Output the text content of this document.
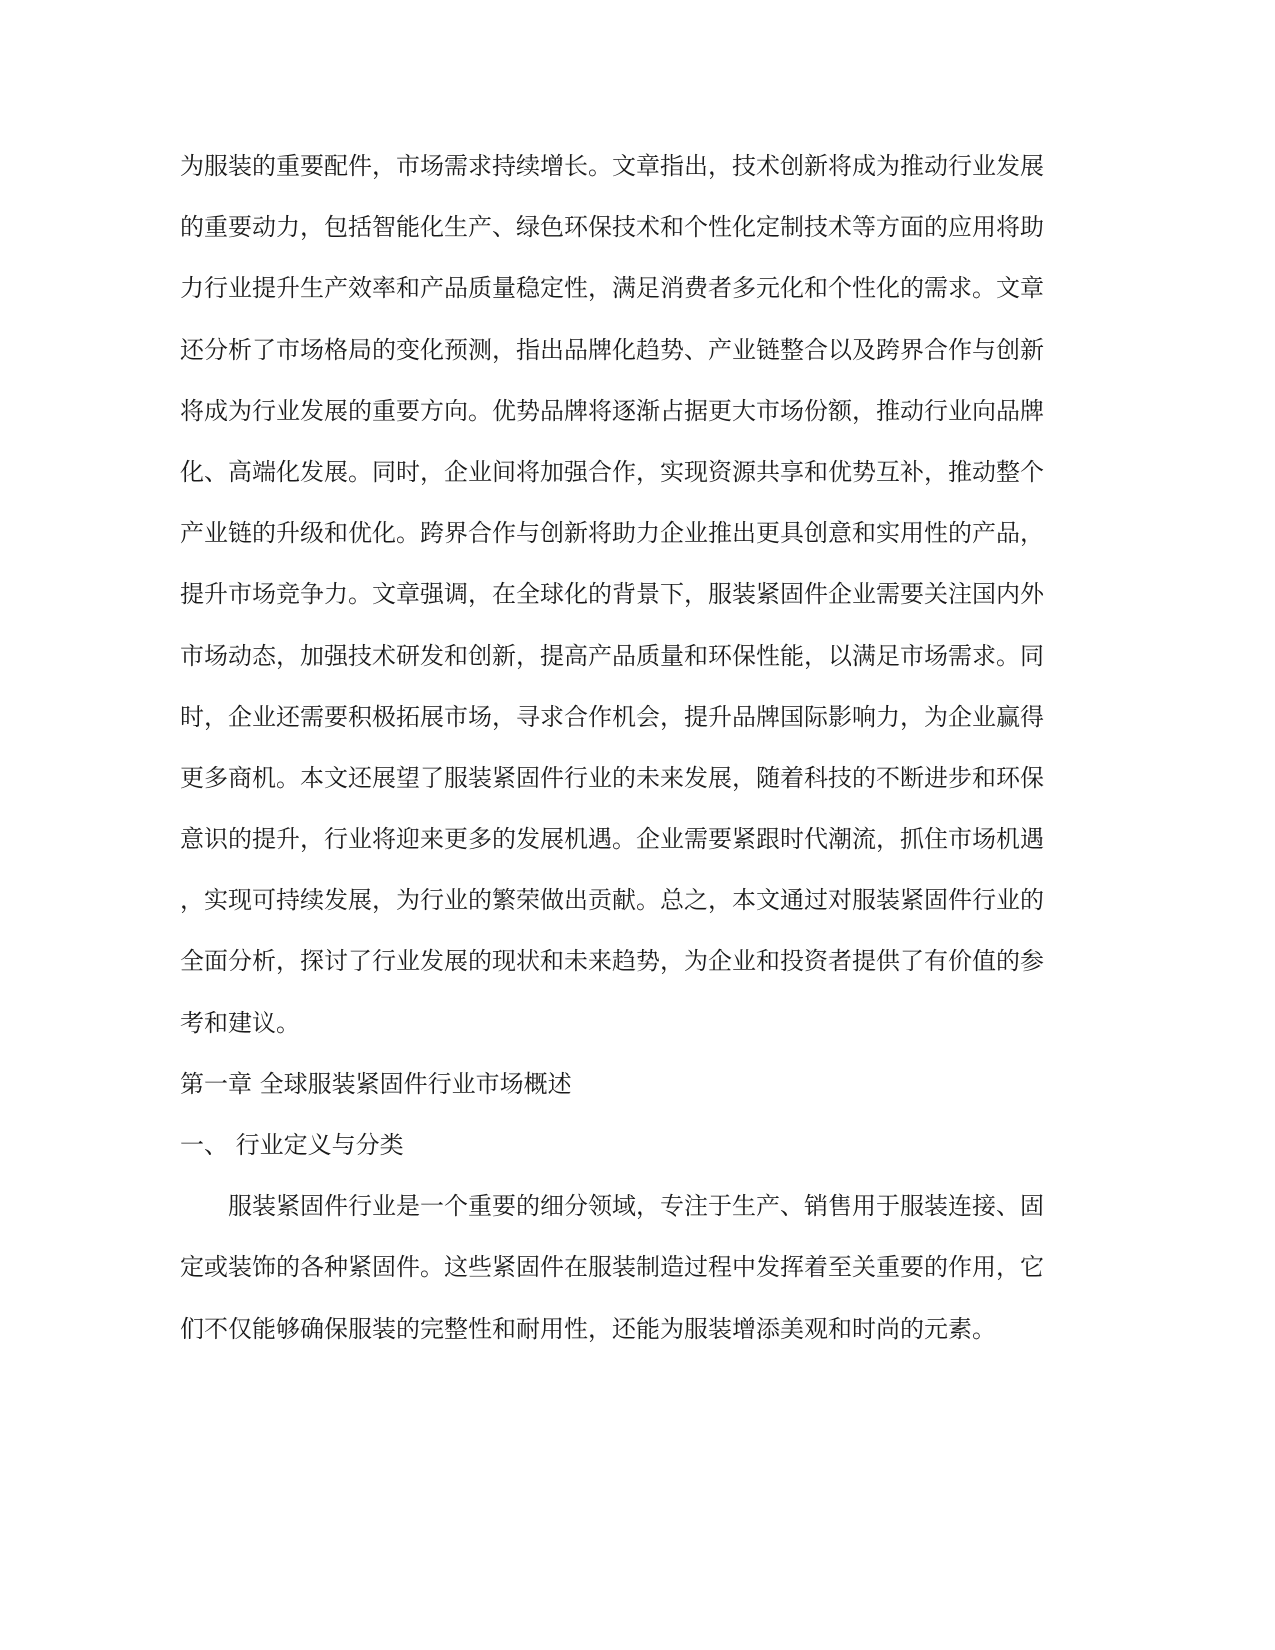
为服装的重要配件，市场需求持续增长。文章指出，技术创新将成为推动行业发展
的重要动力，包括智能化生产、绿色环保技术和个性化定制技术等方面的应用将助
力行业提升生产效率和产品质量稳定性，满足消费者多元化和个性化的需求。文章
还分析了市场格局的变化预测，指出品牌化趋势、产业链整合以及跨界合作与创新
将成为行业发展的重要方向。优势品牌将逐渐占据更大市场份额，推动行业向品牌
化、高端化发展。同时，企业间将加强合作，实现资源共享和优势互补，推动整个
产业链的升级和优化。跨界合作与创新将助力企业推出更具创意和实用性的产品，
提升市场竞争力。文章强调，在全球化的背景下，服装紧固件企业需要关注国内外
市场动态，加强技术研发和创新，提高产品质量和环保性能，以满足市场需求。同
时，企业还需要积极拓展市场，寻求合作机会，提升品牌国际影响力，为企业赢得
更多商机。本文还展望了服装紧固件行业的未来发展，随着科技的不断进步和环保
意识的提升，行业将迎来更多的发展机遇。企业需要紧跟时代潮流，抓住市场机遇
，实现可持续发展，为行业的繁荣做出贡献。总之，本文通过对服装紧固件行业的
全面分析，探讨了行业发展的现状和未来趋势，为企业和投资者提供了有价值的参
考和建议。
第一章 全球服装紧固件行业市场概述
一、 行业定义与分类
服装紧固件行业是一个重要的细分领域，专注于生产、销售用于服装连接、固
定或装饰的各种紧固件。这些紧固件在服装制造过程中发挥着至关重要的作用，它
们不仅能够确保服装的完整性和耐用性，还能为服装增添美观和时尚的元素。
